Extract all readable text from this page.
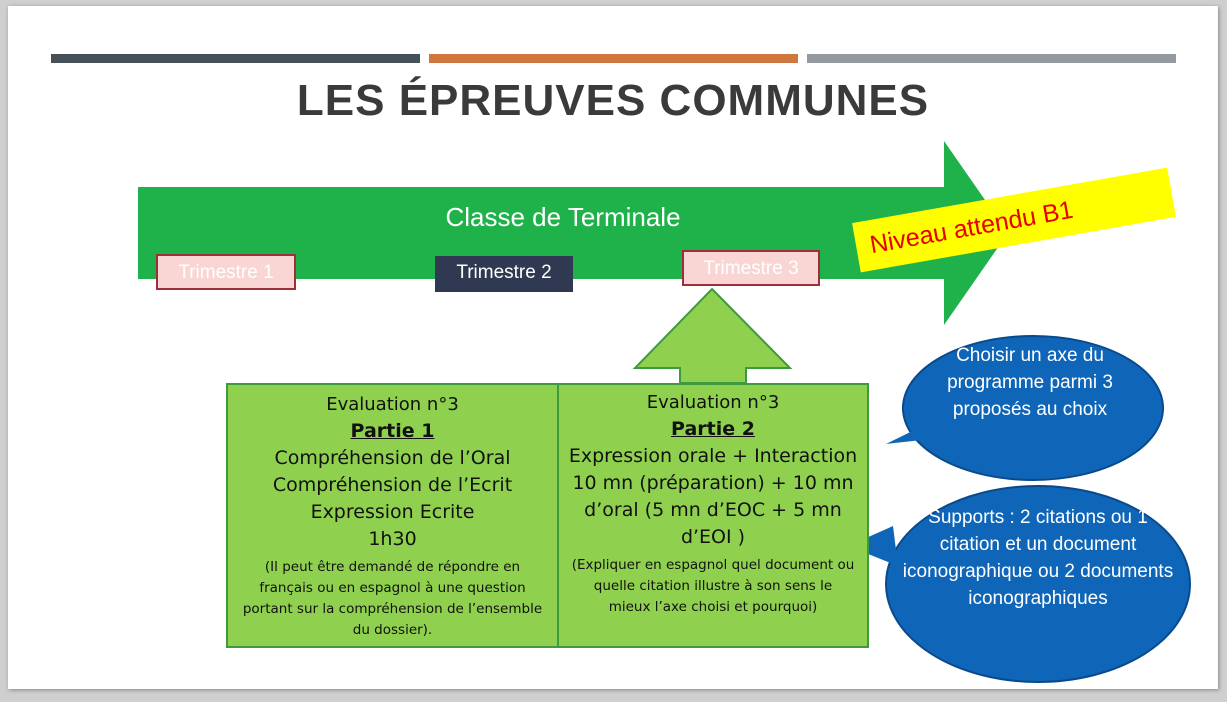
LES ÉPREUVES COMMUNES
Classe de Terminale
Trimestre 1	Trimestre 2	Trimestre 3
Niveau attendu B1
Evaluation n°3
Partie 1
Compréhension de l’Oral
Compréhension de l’Ecrit
Expression Ecrite
1h30
(Il peut être demandé de répondre en français ou en espagnol à une question portant sur la compréhension de l’ensemble du dossier).
Evaluation n°3
Partie 2
Expression orale + Interaction
10 mn (préparation) + 10 mn d’oral (5 mn d’EOC + 5 mn d’EOI )
(Expliquer en espagnol quel document ou quelle citation illustre à son sens le mieux l’axe choisi et pourquoi)
Choisir un axe du programme parmi 3 proposés au choix
Supports : 2 citations ou 1 citation et un document iconographique ou 2 documents iconographiques
